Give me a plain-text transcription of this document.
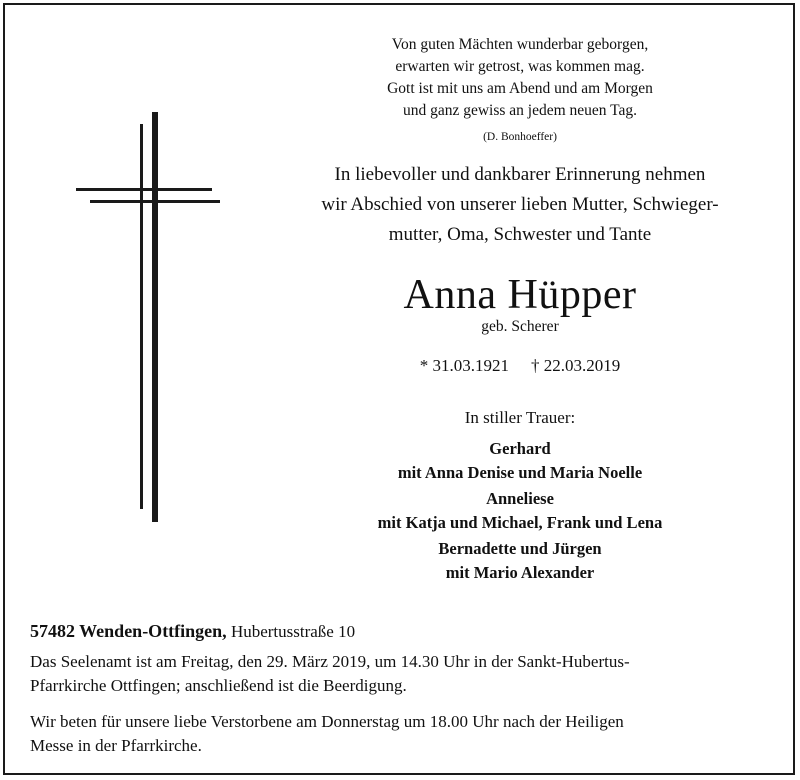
Von guten Mächten wunderbar geborgen,
erwarten wir getrost, was kommen mag.
Gott ist mit uns am Abend und am Morgen
und ganz gewiss an jedem neuen Tag.
(D. Bonhoeffer)
In liebevoller und dankbarer Erinnerung nehmen
wir Abschied von unserer lieben Mutter, Schwieger-
mutter, Oma, Schwester und Tante
Anna Hüpper
geb. Scherer
* 31.03.1921 † 22.03.2019
In stiller Trauer:
Gerhard
mit Anna Denise und Maria Noelle
Anneliese
mit Katja und Michael, Frank und Lena
Bernadette und Jürgen
mit Mario Alexander
57482 Wenden-Ottfingen, Hubertusstraße 10
Das Seelenamt ist am Freitag, den 29. März 2019, um 14.30 Uhr in der Sankt-Hubertus-
Pfarrkirche Ottfingen; anschließend ist die Beerdigung.
Wir beten für unsere liebe Verstorbene am Donnerstag um 18.00 Uhr nach der Heiligen
Messe in der Pfarrkirche.
